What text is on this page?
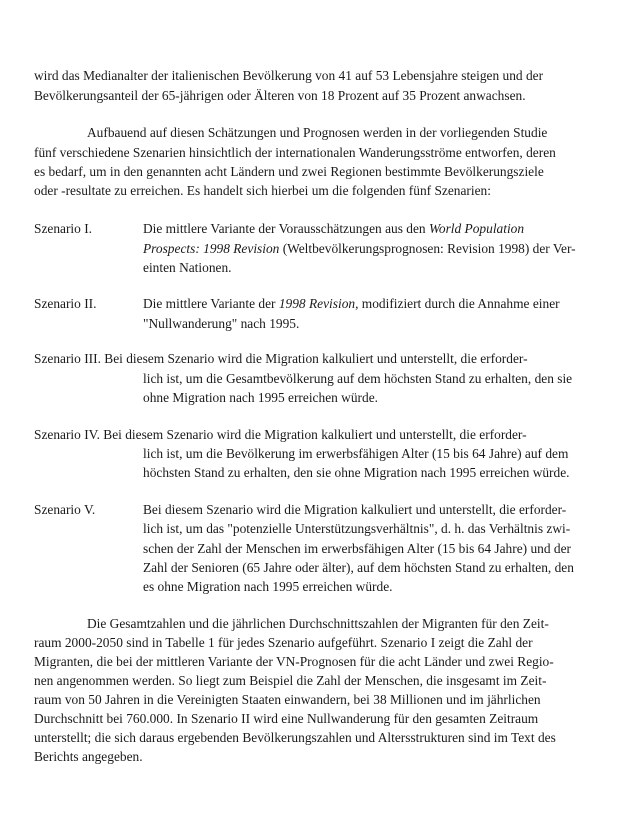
wird das Medianalter der italienischen Bevölkerung von 41 auf 53 Lebensjahre steigen und der
Bevölkerungsanteil der 65-jährigen oder Älteren von 18 Prozent auf 35 Prozent anwachsen.
Aufbauend auf diesen Schätzungen und Prognosen werden in der vorliegenden Studie
fünf verschiedene Szenarien hinsichtlich der internationalen Wanderungsströme entworfen, deren
es bedarf, um in den genannten acht Ländern und zwei Regionen bestimmte Bevölkerungsziele
oder -resultate zu erreichen. Es handelt sich hierbei um die folgenden fünf Szenarien:
Szenario I.	Die mittlere Variante der Vorausschätzungen aus den World Population
Prospects: 1998 Revision (Weltbevölkerungsprognosen: Revision 1998) der Ver-
einten Nationen.
Szenario II.	Die mittlere Variante der 1998 Revision, modifiziert durch die Annahme einer
"Nullwanderung" nach 1995.
Szenario III. Bei diesem Szenario wird die Migration kalkuliert und unterstellt, die erforder-
lich ist, um die Gesamtbevölkerung auf dem höchsten Stand zu erhalten, den sie
ohne Migration nach 1995 erreichen würde.
Szenario IV. Bei diesem Szenario wird die Migration kalkuliert und unterstellt, die erforder-
lich ist, um die Bevölkerung im erwerbsfähigen Alter (15 bis 64 Jahre) auf dem
höchsten Stand zu erhalten, den sie ohne Migration nach 1995 erreichen würde.
Szenario V.	Bei diesem Szenario wird die Migration kalkuliert und unterstellt, die erforder-
lich ist, um das "potenzielle Unterstützungsverhältnis", d. h. das Verhältnis zwi-
schen der Zahl der Menschen im erwerbsfähigen Alter (15 bis 64 Jahre) und der
Zahl der Senioren (65 Jahre oder älter), auf dem höchsten Stand zu erhalten, den
es ohne Migration nach 1995 erreichen würde.
Die Gesamtzahlen und die jährlichen Durchschnittszahlen der Migranten für den Zeit-
raum 2000-2050 sind in Tabelle 1 für jedes Szenario aufgeführt. Szenario I zeigt die Zahl der
Migranten, die bei der mittleren Variante der VN-Prognosen für die acht Länder und zwei Regio-
nen angenommen werden. So liegt zum Beispiel die Zahl der Menschen, die insgesamt im Zeit-
raum von 50 Jahren in die Vereinigten Staaten einwandern, bei 38 Millionen und im jährlichen
Durchschnitt bei 760.000. In Szenario II wird eine Nullwanderung für den gesamten Zeitraum
unterstellt; die sich daraus ergebenden Bevölkerungszahlen und Altersstrukturen sind im Text des
Berichts angegeben.
